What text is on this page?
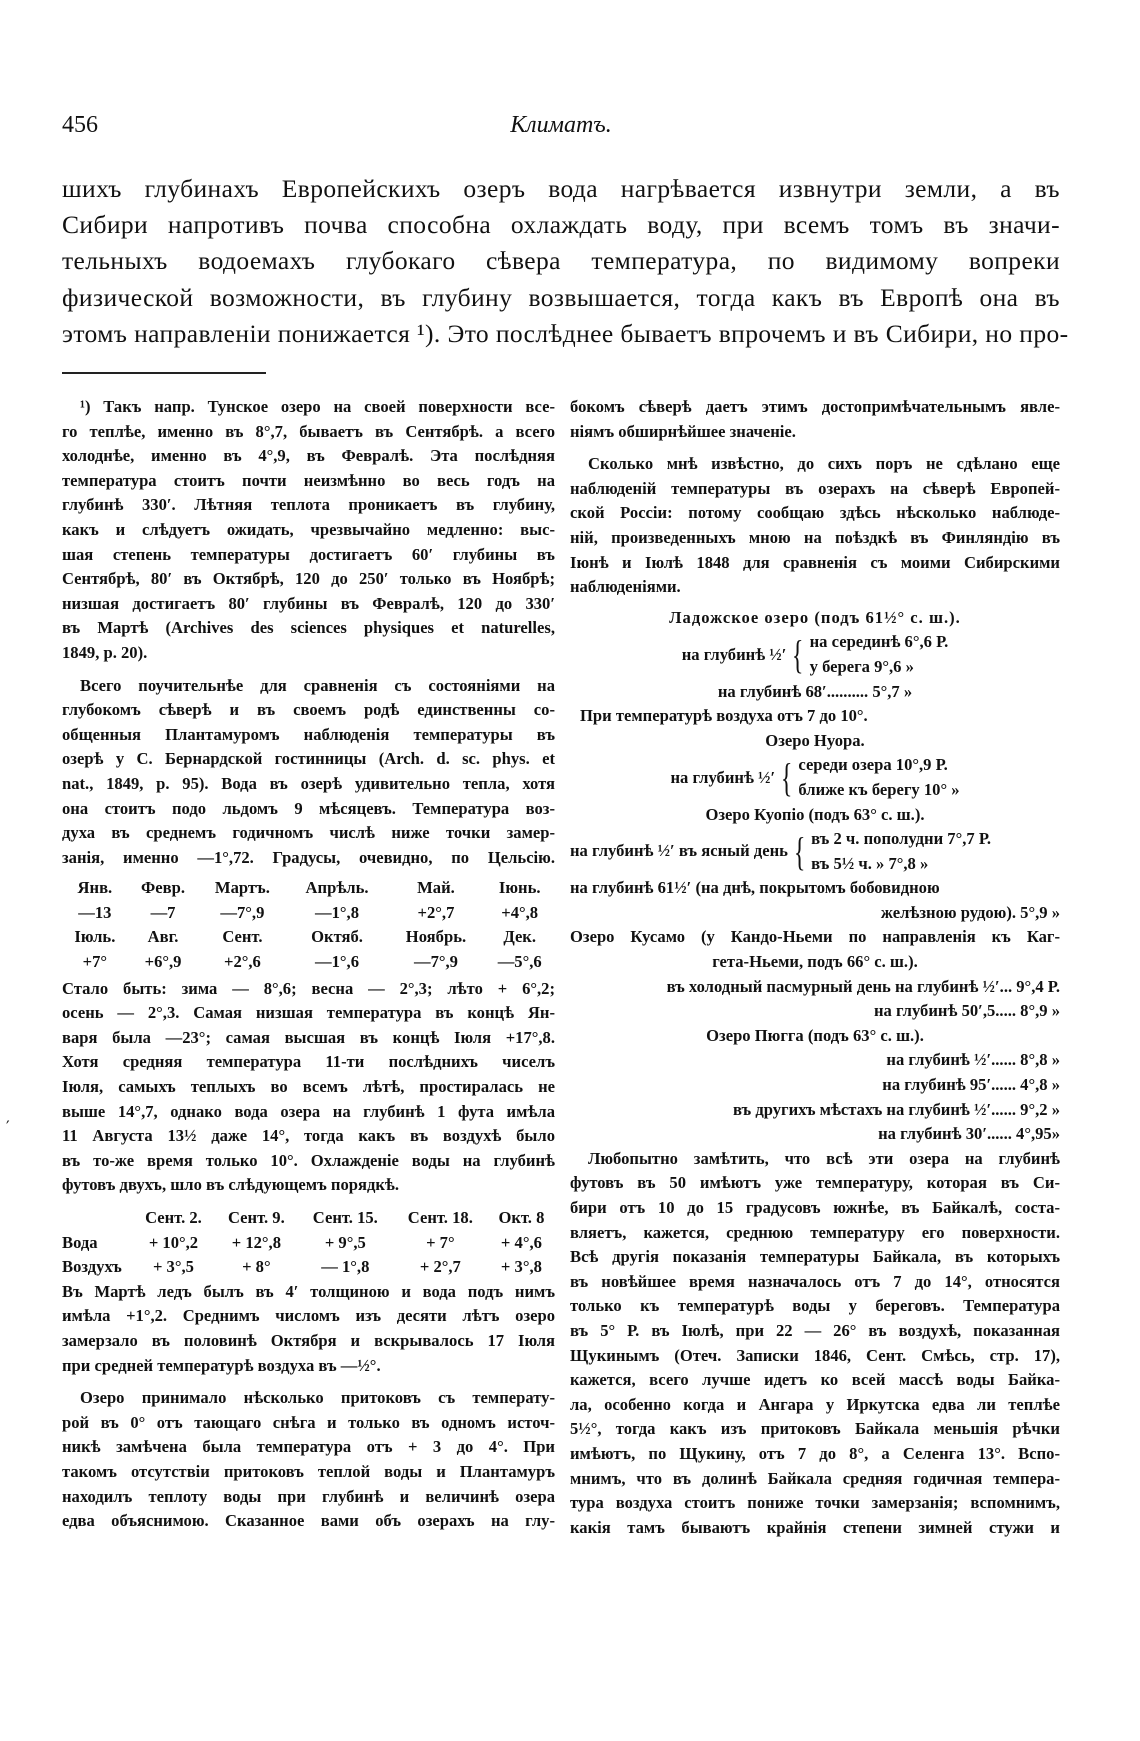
456	Климатъ.
шихъ глубинахъ Европейскихъ озеръ вода нагрѣвается извнутри земли, а въ
Сибири напротивъ почва способна охлаждать воду, при всемъ томъ въ значи-
тельныхъ водоемахъ глубокаго сѣвера температура, по видимому вопреки
физической возможности, въ глубину возвышается, тогда какъ въ Европѣ она въ
этомъ направленіи понижается ¹). Это послѣднее бываетъ впрочемъ и въ Сибири, но про-
′
¹) Такъ напр. Тунское озеро на своей поверхности все-
го теплѣе, именно въ 8°,7, бываетъ въ Сентябрѣ. а всего
холоднѣе, именно въ 4°,9, въ Февралѣ. Эта послѣдняя
температура стоитъ почти неизмѣнно во весь годъ на
глубинѣ 330′. Лѣтняя теплота проникаетъ въ глубину,
какъ и слѣдуетъ ожидать, чрезвычайно медленно: выс-
шая степень температуры достигаетъ 60′ глубины въ
Сентябрѣ, 80′ въ Октябрѣ, 120 до 250′ только въ Ноябрѣ;
низшая достигаетъ 80′ глубины въ Февралѣ, 120 до 330′
въ Мартѣ (Archives des sciences physiques et naturelles,
1849, p. 20).
Всего поучительнѣе для сравненія съ состояніями на
глубокомъ сѣверѣ и въ своемъ родѣ единственны со-
общенныя Плантамуромъ наблюденія температуры въ
озерѣ у С. Бернардской гостинницы (Arch. d. sc. phys. et
nat., 1849, p. 95). Вода въ озерѣ удивительно тепла, хотя
она стоитъ подо льдомъ 9 мѣсяцевъ. Температура воз-
духа въ среднемъ годичномъ числѣ ниже точки замер-
занія, именно —1°,72. Градусы, очевидно, по Цельсію.
Янв.	Февр.	Мартъ.	Апрѣль.	Май.	Іюнь.
—13	—7	—7°,9	—1°,8	+2°,7	+4°,8
Іюль.	Авг.	Сент.	Октяб.	Ноябрь.	Дек.
+7°	+6°,9	+2°,6	—1°,6	—7°,9	—5°,6
Стало быть: зима — 8°,6; весна — 2°,3; лѣто + 6°,2;
осень — 2°,3. Самая низшая температура въ концѣ Ян-
варя была —23°; самая высшая въ концѣ Іюля +17°,8.
Хотя средняя температура 11-ти послѣднихъ чиселъ
Іюля, самыхъ теплыхъ во всемъ лѣтѣ, простиралась не
выше 14°,7, однако вода озера на глубинѣ 1 фута имѣла
11 Августа 13½ даже 14°, тогда какъ въ воздухѣ было
въ то-же время только 10°. Охлажденіе воды на глубинѣ
футовъ двухъ, шло въ слѣдующемъ порядкѣ.
	Сент. 2.	Сент. 9.	Сент. 15.	Сент. 18.	Окт. 8
Вода	+ 10°,2	+ 12°,8	+ 9°,5	+ 7°	+ 4°,6
Воздухъ	+ 3°,5	+ 8°	— 1°,8	+ 2°,7	+ 3°,8
Въ Мартѣ ледъ былъ въ 4′ толщиною и вода подъ нимъ
имѣла +1°,2. Среднимъ числомъ изъ десяти лѣтъ озеро
замерзало въ половинѣ Октября и вскрывалось 17 Іюля
при средней температурѣ воздуха въ —½°.
Озеро принимало нѣсколько притоковъ съ температу-
рой въ 0° отъ тающаго снѣга и только въ одномъ источ-
никѣ замѣчена была температура отъ + 3 до 4°. При
такомъ отсутствіи притоковъ теплой воды и Плантамуръ
находилъ теплоту воды при глубинѣ и величинѣ озера
едва объяснимою. Сказанное вами объ озерахъ на глу-
бокомъ сѣверѣ даетъ этимъ достопримѣчательнымъ явле-
ніямъ обширнѣйшее значеніе.
Сколько мнѣ извѣстно, до сихъ поръ не сдѣлано еще
наблюденій температуры въ озерахъ на сѣверѣ Европей-
ской Россіи: потому сообщаю здѣсь нѣсколько наблюде-
ній, произведенныхъ мною на поѣздкѣ въ Финляндію въ
Іюнѣ и Іюлѣ 1848 для сравненія съ моими Сибирскими
наблюденіями.
Ладожское озеро (подъ 61½° с. ш.).
на глубинѣ ½′ { на серединѣ 6°,6 Р.
у берега 9°,6 »
на глубинѣ 68′.......... 5°,7 »
При температурѣ воздуха отъ 7 до 10°.
Озеро Нуора.
на глубинѣ ½′ { середи озера 10°,9 Р.
ближе къ берегу 10° »
Озеро Куопіо (подъ 63° с. ш.).
на глубинѣ ½′ въ ясный день { въ 2 ч. пополудни 7°,7 Р.
въ 5½ ч. » 7°,8 »
на глубинѣ 61½′ (на днѣ, покрытомъ бобовидною
желѣзною рудою). 5°,9 »
Озеро Кусамо (у Кандо-Ньеми по направленія къ Каг-
гета-Ньеми, подъ 66° с. ш.).
въ холодный пасмурный день на глубинѣ ½′... 9°,4 Р.
на глубинѣ 50′,5..... 8°,9 »
Озеро Пюгга (подъ 63° с. ш.).
на глубинѣ ½′...... 8°,8 »
на глубинѣ 95′...... 4°,8 »
въ другихъ мѣстахъ на глубинѣ ½′...... 9°,2 »
на глубинѣ 30′...... 4°,95»
Любопытно замѣтить, что всѣ эти озера на глубинѣ
футовъ въ 50 имѣютъ уже температуру, которая въ Си-
бири отъ 10 до 15 градусовъ южнѣе, въ Байкалѣ, соста-
вляетъ, кажется, среднюю температуру его поверхности.
Всѣ другія показанія температуры Байкала, въ которыхъ
въ новѣйшее время назначалось отъ 7 до 14°, относятся
только къ температурѣ воды у береговъ. Температура
въ 5° Р. въ Іюлѣ, при 22 — 26° въ воздухѣ, показанная
Щукинымъ (Отеч. Записки 1846, Сент. Смѣсь, стр. 17),
кажется, всего лучше идетъ ко всей массѣ воды Байка-
ла, особенно когда и Ангара у Иркутска едва ли теплѣе
5½°, тогда какъ изъ притоковъ Байкала меньшія рѣчки
имѣютъ, по Щукину, отъ 7 до 8°, а Селенга 13°. Вспо-
мнимъ, что въ долинѣ Байкала средняя годичная темпера-
тура воздуха стоитъ пониже точки замерзанія; вспомнимъ,
какія тамъ бываютъ крайнія степени зимней стужи и
